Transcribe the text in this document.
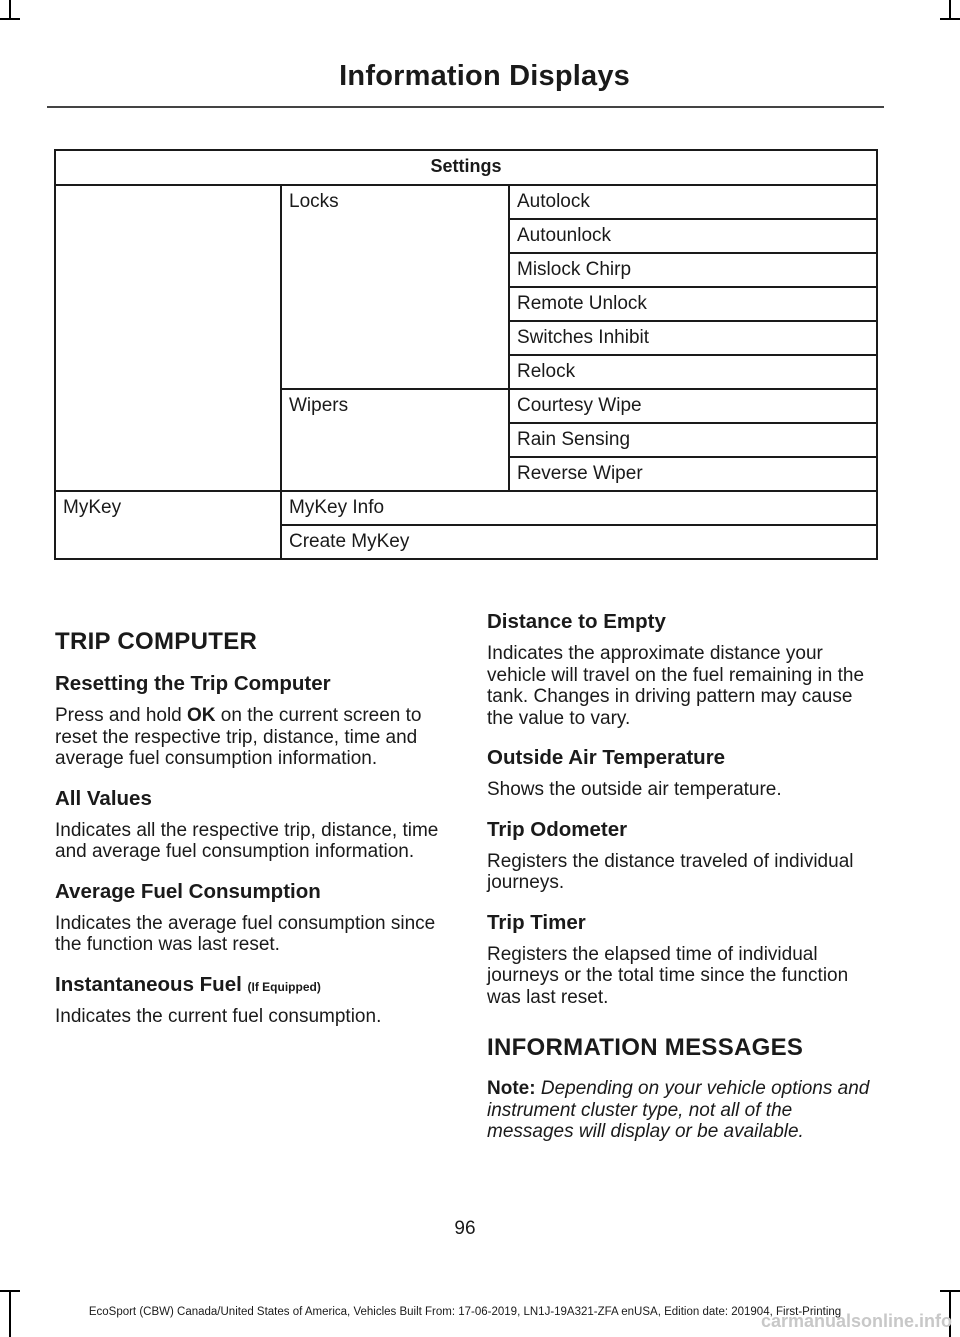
Information Displays
Settings		
	Locks	Autolock
		Autounlock
		Mislock Chirp
		Remote Unlock
		Switches Inhibit
		Relock
	Wipers	Courtesy Wipe
		Rain Sensing
		Reverse Wiper
MyKey	MyKey Info	
	Create MyKey	
TRIP COMPUTER
Resetting the Trip Computer

Press and hold OK on the current screen to reset the respective trip, distance, time and average fuel consumption information.

All Values

Indicates all the respective trip, distance, time and average fuel consumption information.

Average Fuel Consumption

Indicates the average fuel consumption since the function was last reset.

Instantaneous Fuel (If Equipped)

Indicates the current fuel consumption.

Distance to Empty

Indicates the approximate distance your vehicle will travel on the fuel remaining in the tank. Changes in driving pattern may cause the value to vary.

Outside Air Temperature

Shows the outside air temperature.

Trip Odometer

Registers the distance traveled of individual journeys.

Trip Timer

Registers the elapsed time of individual journeys or the total time since the function was last reset.

INFORMATION MESSAGES

Note: Depending on your vehicle options and instrument cluster type, not all of the messages will display or be available.

96
EcoSport (CBW) Canada/United States of America, Vehicles Built From: 17-06-2019, LN1J-19A321-ZFA enUSA, Edition date: 201904, First-Printing
carmanualsonline.info
